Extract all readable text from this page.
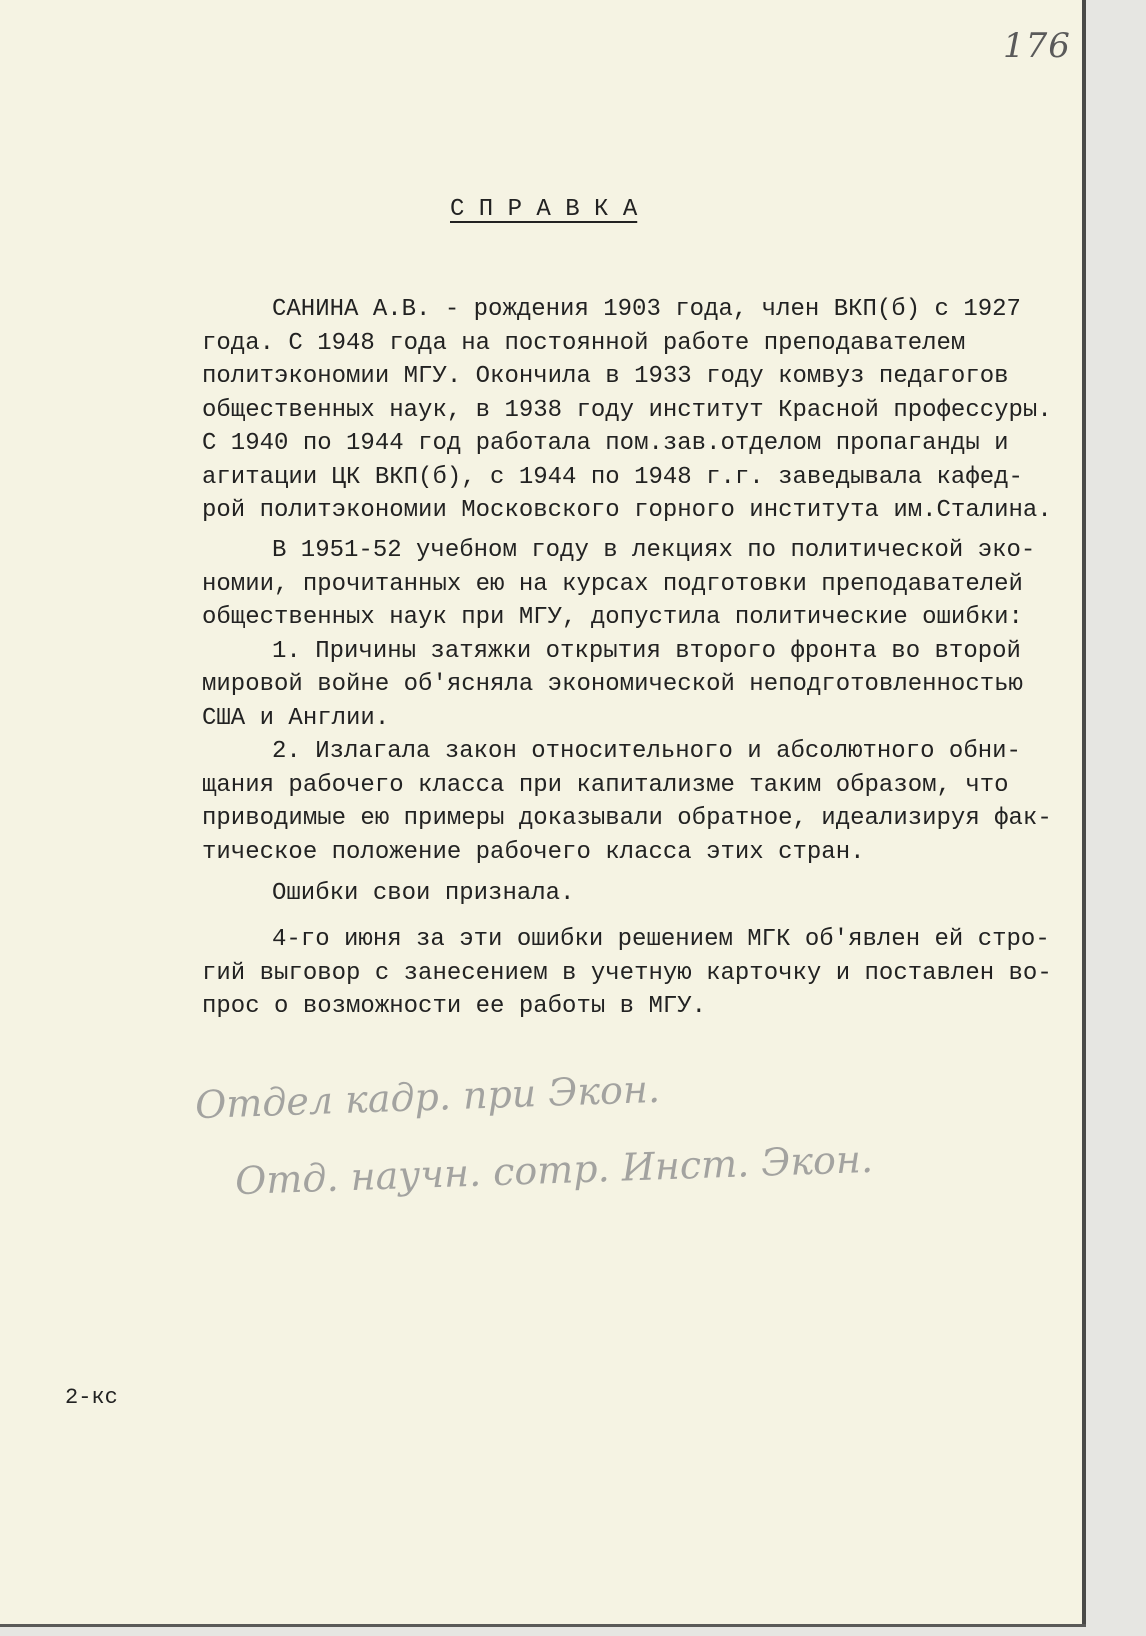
176
С П Р А В К А
САНИНА А.В. - рождения 1903 года, член ВКП(б) с 1927
года. С 1948 года на постоянной работе преподавателем
политэкономии МГУ. Окончила в 1933 году комвуз педагогов
общественных наук, в 1938 году институт Красной профессуры.
С 1940 по 1944 год работала пом.зав.отделом пропаганды и
агитации ЦК ВКП(б), с 1944 по 1948 г.г. заведывала кафед-
рой политэкономии Московского горного института им.Сталина.
В 1951-52 учебном году в лекциях по политической эко-
номии, прочитанных ею на курсах подготовки преподавателей
общественных наук при МГУ, допустила политические ошибки:
1. Причины затяжки открытия второго фронта во второй
мировой войне об'ясняла экономической неподготовленностью
США и Англии.
2. Излагала закон относительного и абсолютного обни-
щания рабочего класса при капитализме таким образом, что
приводимые ею примеры доказывали обратное, идеализируя фак-
тическое положение рабочего класса этих стран.
Ошибки свои признала.
4-го июня за эти ошибки решением МГК об'явлен ей стро-
гий выговор с занесением в учетную карточку и поставлен во-
прос о возможности ее работы в МГУ.
Отдел кадр. при Экон.
Отд. научн. сотр. Инст. Экон.
2-кс
